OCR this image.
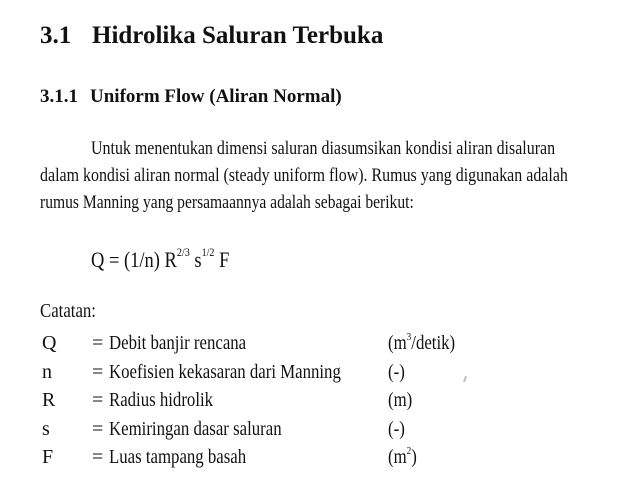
3.1 Hidrolika Saluran Terbuka
3.1.1 Uniform Flow (Aliran Normal)
Untuk menentukan dimensi saluran diasumsikan kondisi aliran disaluran
dalam kondisi aliran normal (steady uniform flow). Rumus yang digunakan adalah
rumus Manning yang persamaannya adalah sebagai berikut:
Q = (1/n) $R^{2/3}$ $s^{1/2}$ F
Catatan:
Q = Debit banjir rencana	$(m^3/detik)$
n = Koefisien kekasaran dari Manning	(-)
R = Radius hidrolik	(m)
s = Kemiringan dasar saluran	(-)
F = Luas tampang basah	$(m^2)$
